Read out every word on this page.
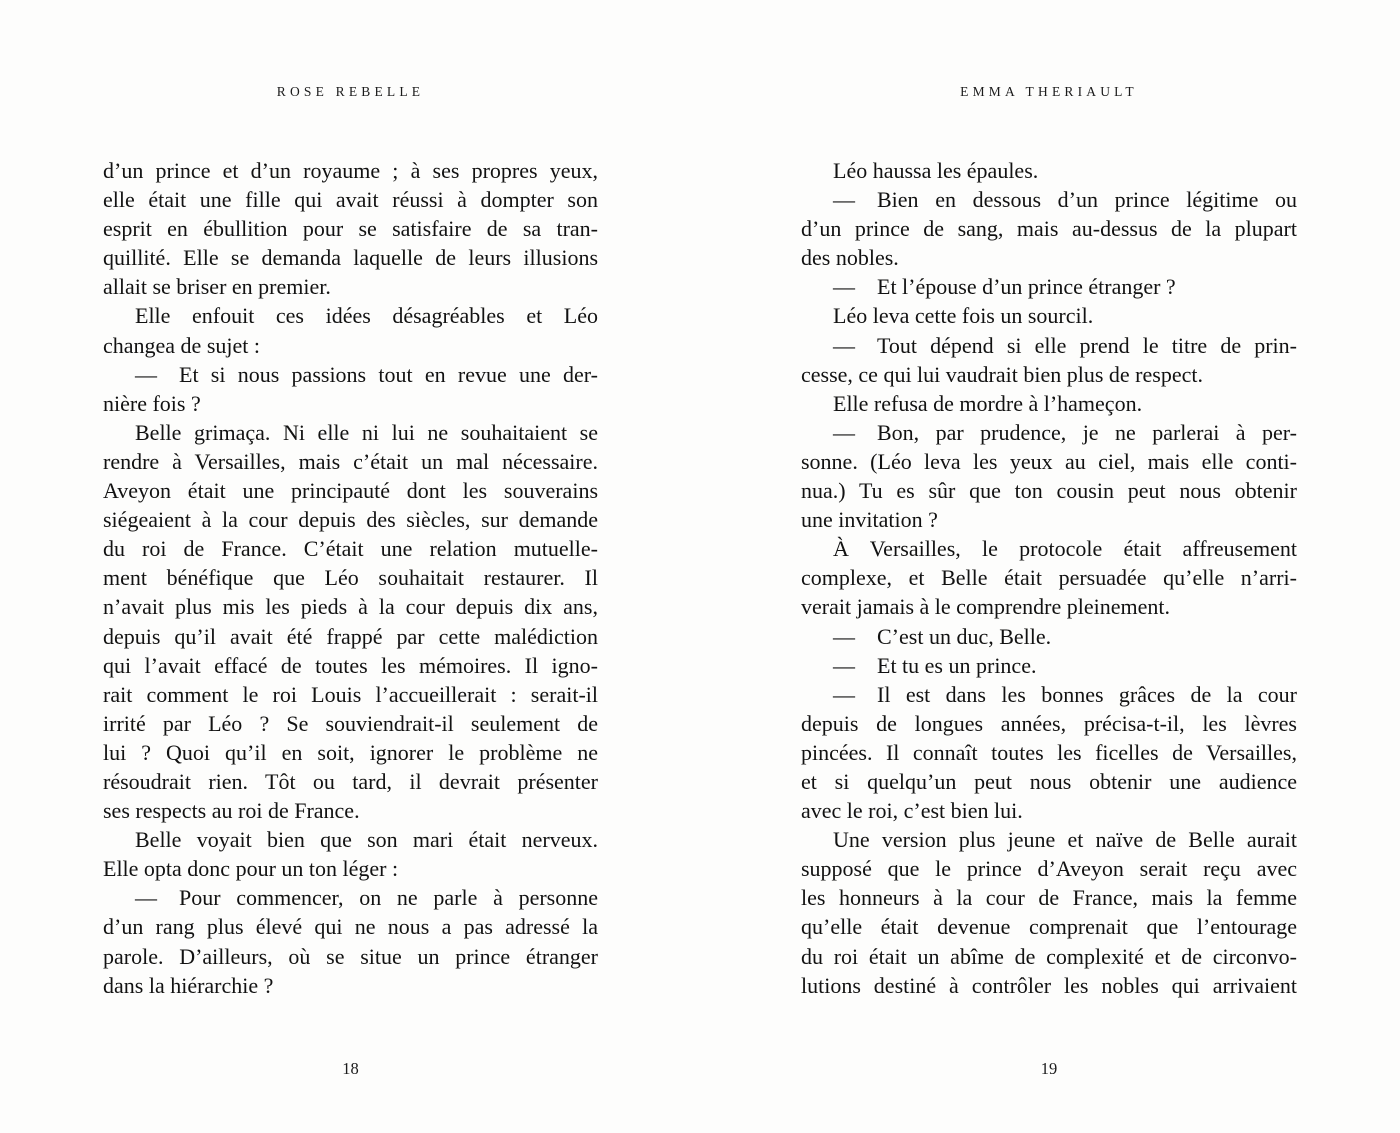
ROSE REBELLE
d’un prince et d’un royaume ; à ses propres yeux,
elle était une fille qui avait réussi à dompter son
esprit en ébullition pour se satisfaire de sa tran-
quillité. Elle se demanda laquelle de leurs illusions
allait se briser en premier.
Elle enfouit ces idées désagréables et Léo
changea de sujet :
— Et si nous passions tout en revue une der-
nière fois ?
Belle grimaça. Ni elle ni lui ne souhaitaient se
rendre à Versailles, mais c’était un mal nécessaire.
Aveyon était une principauté dont les souverains
siégeaient à la cour depuis des siècles, sur demande
du roi de France. C’était une relation mutuelle-
ment bénéfique que Léo souhaitait restaurer. Il
n’avait plus mis les pieds à la cour depuis dix ans,
depuis qu’il avait été frappé par cette malédiction
qui l’avait effacé de toutes les mémoires. Il igno-
rait comment le roi Louis l’accueillerait : serait-il
irrité par Léo ? Se souviendrait-il seulement de
lui ? Quoi qu’il en soit, ignorer le problème ne
résoudrait rien. Tôt ou tard, il devrait présenter
ses respects au roi de France.
Belle voyait bien que son mari était nerveux.
Elle opta donc pour un ton léger :
— Pour commencer, on ne parle à personne
d’un rang plus élevé qui ne nous a pas adressé la
parole. D’ailleurs, où se situe un prince étranger
dans la hiérarchie ?
18
EMMA THERIAULT
Léo haussa les épaules.
— Bien en dessous d’un prince légitime ou
d’un prince de sang, mais au-dessus de la plupart
des nobles.
— Et l’épouse d’un prince étranger ?
Léo leva cette fois un sourcil.
— Tout dépend si elle prend le titre de prin-
cesse, ce qui lui vaudrait bien plus de respect.
Elle refusa de mordre à l’hameçon.
— Bon, par prudence, je ne parlerai à per-
sonne. (Léo leva les yeux au ciel, mais elle conti-
nua.) Tu es sûr que ton cousin peut nous obtenir
une invitation ?
À Versailles, le protocole était affreusement
complexe, et Belle était persuadée qu’elle n’arri-
verait jamais à le comprendre pleinement.
— C’est un duc, Belle.
— Et tu es un prince.
— Il est dans les bonnes grâces de la cour
depuis de longues années, précisa-t-il, les lèvres
pincées. Il connaît toutes les ficelles de Versailles,
et si quelqu’un peut nous obtenir une audience
avec le roi, c’est bien lui.
Une version plus jeune et naïve de Belle aurait
supposé que le prince d’Aveyon serait reçu avec
les honneurs à la cour de France, mais la femme
qu’elle était devenue comprenait que l’entourage
du roi était un abîme de complexité et de circonvo-
lutions destiné à contrôler les nobles qui arrivaient
19
